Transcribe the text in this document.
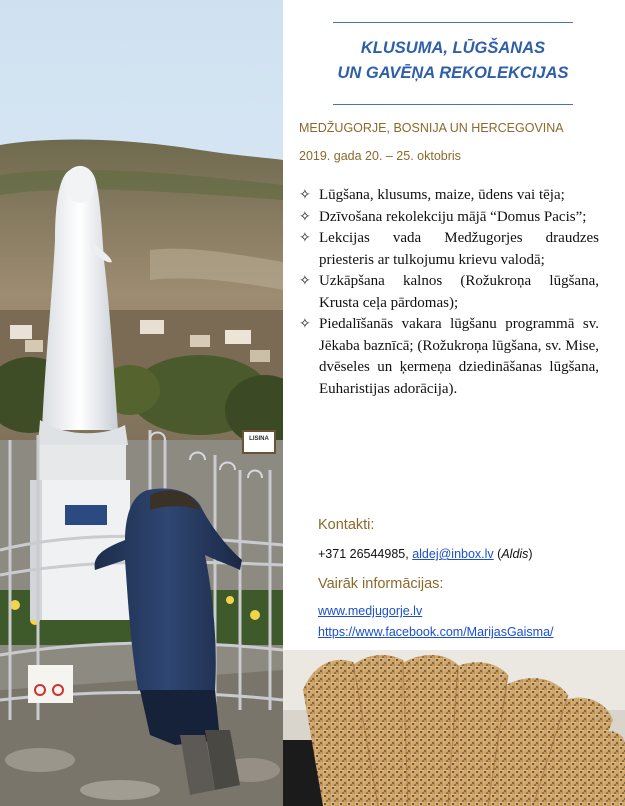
LISINA
KLUSUMA, LŪGŠANAS
UN GAVĒŅA REKOLEKCIJAS
MEDŽUGORJE, BOSNIJA UN HERCEGOVINA
2019. gada 20. – 25. oktobris
✧ Lūgšana, klusums, maize, ūdens vai tēja;
✧ Dzīvošana rekolekciju mājā “Domus Pacis”;
✧ Lekcijas vada Medžugorjes draudzes priesteris ar tulkojumu krievu valodā;
✧ Uzkāpšana kalnos (Rožukroņa lūgšana, Krusta ceļa pārdomas);
✧ Piedalīšanās vakara lūgšanu programmā sv. Jēkaba baznīcā; (Rožukroņa lūgšana, sv. Mise, dvēseles un ķermeņa dziedināšanas lūgšana, Euharistijas adorācija).
Kontakti:
+371 26544985, aldej@inbox.lv (Aldis)
Vairāk informācijas:
www.medjugorje.lv
https://www.facebook.com/MarijasGaisma/
